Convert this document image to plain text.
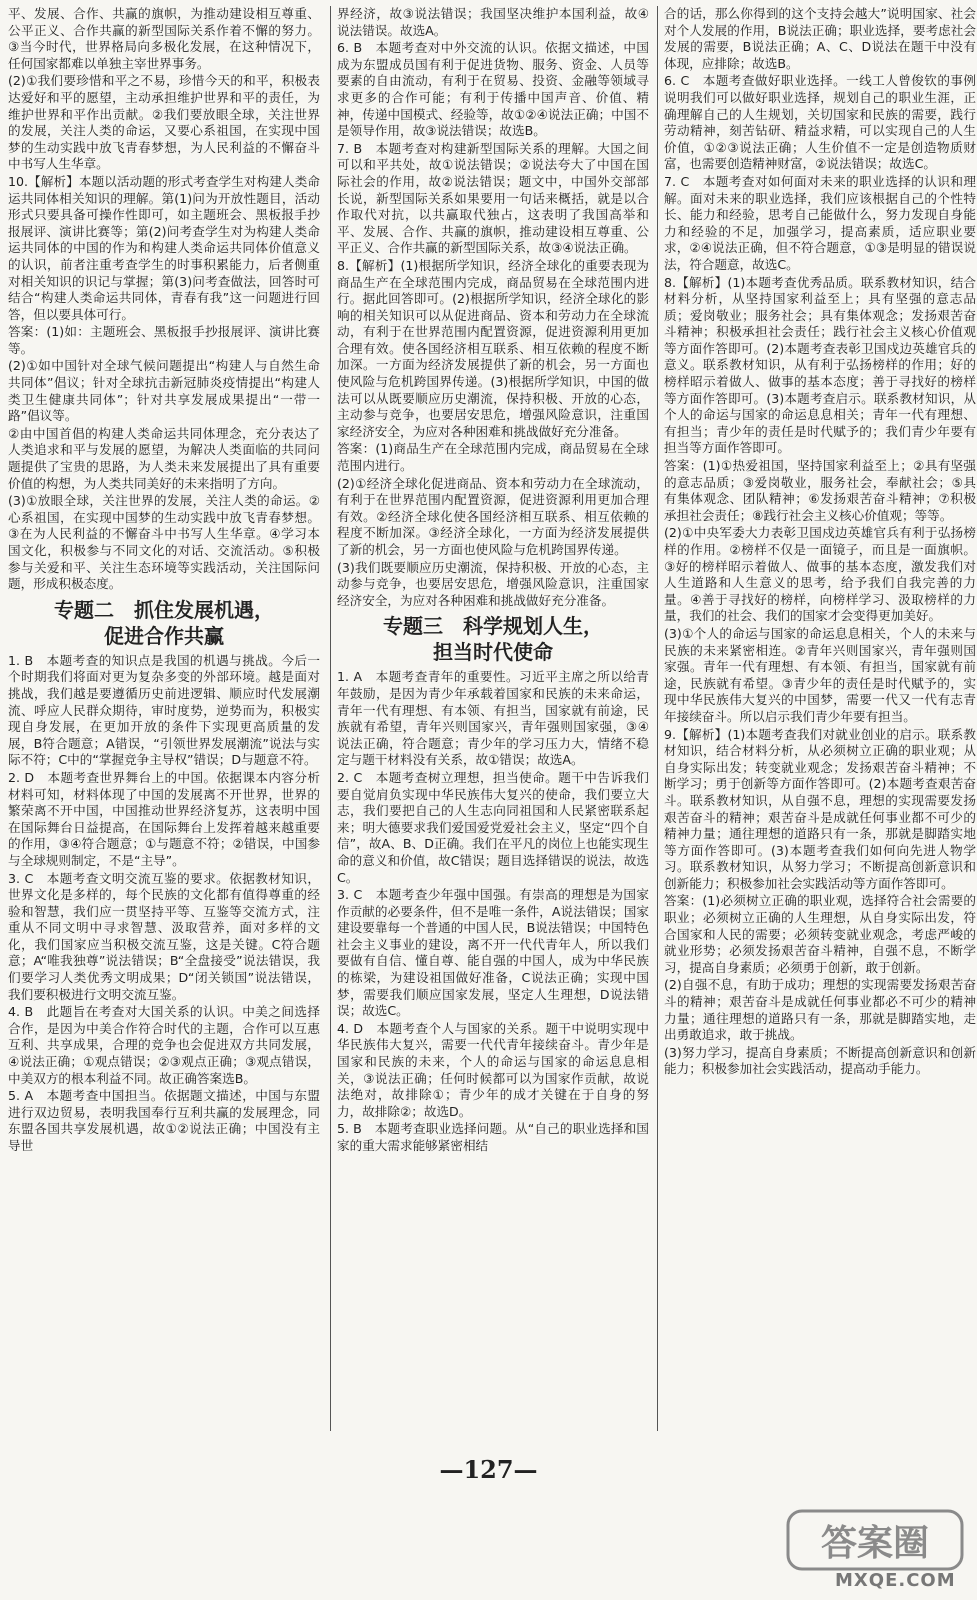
平、发展、合作、共赢的旗帜，为推动建设相互尊重、公平正义、合作共赢的新型国际关系作着不懈的努力。③当今时代，世界格局向多极化发展，在这种情况下，任何国家都难以单独主宰世界事务。

(2)①我们要珍惜和平之不易，珍惜今天的和平，积极表达爱好和平的愿望，主动承担维护世界和平的责任，为维护世界和平作出贡献。②我们要放眼全球，关注世界的发展，关注人类的命运，又要心系祖国，在实现中国梦的生动实践中放飞青春梦想，为人民利益的不懈奋斗中书写人生华章。

10.【解析】本题以活动题的形式考查学生对构建人类命运共同体相关知识的理解。第(1)问为开放性题目，活动形式只要具备可操作性即可，如主题班会、黑板报手抄报展评、演讲比赛等；第(2)问考查学生对为构建人类命运共同体的中国的作为和构建人类命运共同体价值意义的认识，前者注重考查学生的时事积累能力，后者侧重对相关知识的识记与掌握；第(3)问考查做法，回答时可结合“构建人类命运共同体，青春有我”这一问题进行回答，但以要具体可行。

答案：(1)如：主题班会、黑板报手抄报展评、演讲比赛等。

(2)①如中国针对全球气候问题提出“构建人与自然生命共同体”倡议；针对全球抗击新冠肺炎疫情提出“构建人类卫生健康共同体”；针对共享发展成果提出“一带一路”倡议等。

②由中国首倡的构建人类命运共同体理念，充分表达了人类追求和平与发展的愿望，为解决人类面临的共同问题提供了宝贵的思路，为人类未来发展提出了具有重要价值的构想，为人类共同美好的未来指明了方向。

(3)①放眼全球，关注世界的发展，关注人类的命运。②心系祖国，在实现中国梦的生动实践中放飞青春梦想。③在为人民利益的不懈奋斗中书写人生华章。④学习本国文化，积极参与不同文化的对话、交流活动。⑤积极参与关爱和平、关注生态环境等实践活动，关注国际问题，形成积极态度。

专题二　抓住发展机遇，
促进合作共赢

1. B　本题考查的知识点是我国的机遇与挑战。今后一个时期我们将面对更为复杂多变的外部环境。越是面对挑战，我们越是要遵循历史前进逻辑、顺应时代发展潮流、呼应人民群众期待，审时度势，逆势而为，积极实现自身发展，在更加开放的条件下实现更高质量的发展，B符合题意；A错误，“引领世界发展潮流”说法与实际不符；C中的“掌握竞争主导权”错误；D与题意不符。

2. D　本题考查世界舞台上的中国。依据课本内容分析材料可知，材料体现了中国的发展离不开世界，世界的繁荣离不开中国，中国推动世界经济复苏，这表明中国在国际舞台日益提高，在国际舞台上发挥着越来越重要的作用，③④符合题意；①与题意不符；②错误，中国参与全球规则制定，不是“主导”。

3. C　本题考查文明交流互鉴的要求。依据教材知识，世界文化是多样的，每个民族的文化都有值得尊重的经验和智慧，我们应一贯坚持平等、互鉴等交流方式，注重从不同文明中寻求智慧、汲取营养，面对多样的文化，我们国家应当积极交流互鉴，这是关键。C符合题意；A“唯我独尊”说法错误；B“全盘接受”说法错误，我们要学习人类优秀文明成果；D“闭关锁国”说法错误，我们要积极进行文明交流互鉴。

4. B　此题旨在考查对大国关系的认识。中美之间选择合作，是因为中美合作符合时代的主题，合作可以互惠互利、共享成果，合理的竞争也会促进双方共同发展，④说法正确；①观点错误；②③观点正确；③观点错误，中美双方的根本利益不同。故正确答案选B。

5. A　本题考查中国担当。依据题文描述，中国与东盟进行双边贸易，表明我国奉行互利共赢的发展理念，同东盟各国共享发展机遇，故①②说法正确；中国没有主导世

界经济，故③说法错误；我国坚决维护本国利益，故④说法错误。故选A。

6. B　本题考查对中外交流的认识。依据文描述，中国成为东盟成员国有利于促进货物、服务、资金、人员等要素的自由流动，有利于在贸易、投资、金融等领域寻求更多的合作可能；有利于传播中国声音、价值、精神，传递中国模式、经验等，故①②④说法正确；中国不是领导作用，故③说法错误；故选B。

7. B　本题考查对构建新型国际关系的理解。大国之间可以和平共处，故①说法错误；②说法夸大了中国在国际社会的作用，故②说法错误；题文中，中国外交部部长说，新型国际关系如果要用一句话来概括，就是以合作取代对抗，以共赢取代独占，这表明了我国高举和平、发展、合作、共赢的旗帜，推动建设相互尊重、公平正义、合作共赢的新型国际关系，故③④说法正确。

8.【解析】(1)根据所学知识，经济全球化的重要表现为商品生产在全球范围内完成，商品贸易在全球范围内进行。据此回答即可。(2)根据所学知识，经济全球化的影响的相关知识可以从促进商品、资本和劳动力在全球流动，有利于在世界范围内配置资源，促进资源利用更加合理有效。使各国经济相互联系、相互依赖的程度不断加深。一方面为经济发展提供了新的机会，另一方面也使风险与危机跨国界传递。(3)根据所学知识，中国的做法可以从既要顺应历史潮流，保持积极、开放的心态，主动参与竞争，也要居安思危，增强风险意识，注重国家经济安全，为应对各种困难和挑战做好充分准备。

答案：(1)商品生产在全球范围内完成，商品贸易在全球范围内进行。

(2)①经济全球化促进商品、资本和劳动力在全球流动，有利于在世界范围内配置资源，促进资源利用更加合理有效。②经济全球化使各国经济相互联系、相互依赖的程度不断加深。③经济全球化，一方面为经济发展提供了新的机会，另一方面也使风险与危机跨国界传递。

(3)我们既要顺应历史潮流，保持积极、开放的心态，主动参与竞争，也要居安思危，增强风险意识，注重国家经济安全，为应对各种困难和挑战做好充分准备。

专题三　科学规划人生，
担当时代使命

1. A　本题考查青年的重要性。习近平主席之所以给青年鼓励，是因为青少年承载着国家和民族的未来命运，青年一代有理想、有本领、有担当，国家就有前途，民族就有希望，青年兴则国家兴，青年强则国家强，③④说法正确，符合题意；青少年的学习压力大，情绪不稳定与题干材料没有关系，故①错误；故选A。

2. C　本题考查树立理想，担当使命。题干中告诉我们要自觉肩负实现中华民族伟大复兴的使命，我们要立大志，我们要把自己的人生志向同祖国和人民紧密联系起来；明大德要求我们爱国爱党爱社会主义，坚定“四个自信”，故A、B、D正确。我们在平凡的岗位上也能实现生命的意义和价值，故C错误；题目选择错误的说法，故选C。

3. C　本题考查少年强中国强。有崇高的理想是为国家作贡献的必要条件，但不是唯一条件，A说法错误；国家建设要靠每一个普通的中国人民，B说法错误；中国特色社会主义事业的建设，离不开一代代青年人，所以我们要做有自信、懂自尊、能自强的中国人，成为中华民族的栋梁，为建设祖国做好准备，C说法正确；实现中国梦，需要我们顺应国家发展，坚定人生理想，D说法错误；故选C。

4. D　本题考查个人与国家的关系。题干中说明实现中华民族伟大复兴，需要一代代青年接续奋斗。青少年是国家和民族的未来，个人的命运与国家的命运息息相关，③说法正确；任何时候都可以为国家作贡献，故说法绝对，故排除①；青少年的成才关键在于自身的努力，故排除②；故选D。

5. B　本题考查职业选择问题。从“自己的职业选择和国家的重大需求能够紧密相结

合的话，那么你得到的这个支持会越大”说明国家、社会对个人发展的作用，B说法正确；职业选择，要考虑社会发展的需要，B说法正确；A、C、D说法在题干中没有体现，应排除；故选B。

6. C　本题考查做好职业选择。一线工人曾俊钦的事例说明我们可以做好职业选择，规划自己的职业生涯，正确理解自己的人生规划，关切国家和民族的需要，践行劳动精神，刻苦钻研、精益求精，可以实现自己的人生价值，①②③说法正确；人生价值不一定是创造物质财富，也需要创造精神财富，②说法错误；故选C。

7. C　本题考查对如何面对未来的职业选择的认识和理解。面对未来的职业选择，我们应该根据自己的个性特长、能力和经验，思考自己能做什么，努力发现自身能力和经验的不足，加强学习，提高素质，适应职业要求，②④说法正确，但不符合题意，①③是明显的错误说法，符合题意，故选C。

8.【解析】(1)本题考查优秀品质。联系教材知识，结合材料分析，从坚持国家利益至上；具有坚强的意志品质；爱岗敬业；服务社会；具有集体观念；发扬艰苦奋斗精神；积极承担社会责任；践行社会主义核心价值观等方面作答即可。(2)本题考查表彰卫国戍边英雄官兵的意义。联系教材知识，从有利于弘扬榜样的作用；好的榜样昭示着做人、做事的基本态度；善于寻找好的榜样等方面作答即可。(3)本题考查启示。联系教材知识，从个人的命运与国家的命运息息相关；青年一代有理想、有担当；青少年的责任是时代赋予的；我们青少年要有担当等方面作答即可。

答案：(1)①热爱祖国，坚持国家利益至上；②具有坚强的意志品质；③爱岗敬业，服务社会，奉献社会；⑤具有集体观念、团队精神；⑥发扬艰苦奋斗精神；⑦积极承担社会责任；⑧践行社会主义核心价值观；等等。

(2)①中央军委大力表彰卫国戍边英雄官兵有利于弘扬榜样的作用。②榜样不仅是一面镜子，而且是一面旗帜。③好的榜样昭示着做人、做事的基本态度，激发我们对人生道路和人生意义的思考，给予我们自我完善的力量。④善于寻找好的榜样，向榜样学习、汲取榜样的力量，我们的社会、我们的国家才会变得更加美好。

(3)①个人的命运与国家的命运息息相关，个人的未来与民族的未来紧密相连。②青年兴则国家兴，青年强则国家强。青年一代有理想、有本领、有担当，国家就有前途，民族就有希望。③青少年的责任是时代赋予的，实现中华民族伟大复兴的中国梦，需要一代又一代有志青年接续奋斗。所以启示我们青少年要有担当。

9.【解析】(1)本题考查我们对就业创业的启示。联系教材知识，结合材料分析，从必须树立正确的职业观；从自身实际出发；转变就业观念；发扬艰苦奋斗精神；不断学习；勇于创新等方面作答即可。(2)本题考查艰苦奋斗。联系教材知识，从自强不息，理想的实现需要发扬艰苦奋斗的精神；艰苦奋斗是成就任何事业都不可少的精神力量；通往理想的道路只有一条，那就是脚踏实地等方面作答即可。(3)本题考查我们如何向先进人物学习。联系教材知识，从努力学习；不断提高创新意识和创新能力；积极参加社会实践活动等方面作答即可。

答案：(1)必须树立正确的职业观，选择符合社会需要的职业；必须树立正确的人生理想，从自身实际出发，符合国家和人民的需要；必须转变就业观念，考虑严峻的就业形势；必须发扬艰苦奋斗精神，自强不息，不断学习，提高自身素质；必须勇于创新，敢于创新。

(2)自强不息，有助于成功；理想的实现需要发扬艰苦奋斗的精神；艰苦奋斗是成就任何事业都必不可少的精神力量；通往理想的道路只有一条，那就是脚踏实地，走出勇敢追求，敢于挑战。

(3)努力学习，提高自身素质；不断提高创新意识和创新能力；积极参加社会实践活动，提高动手能力。

—127—
答案圈
MXQE.COM
